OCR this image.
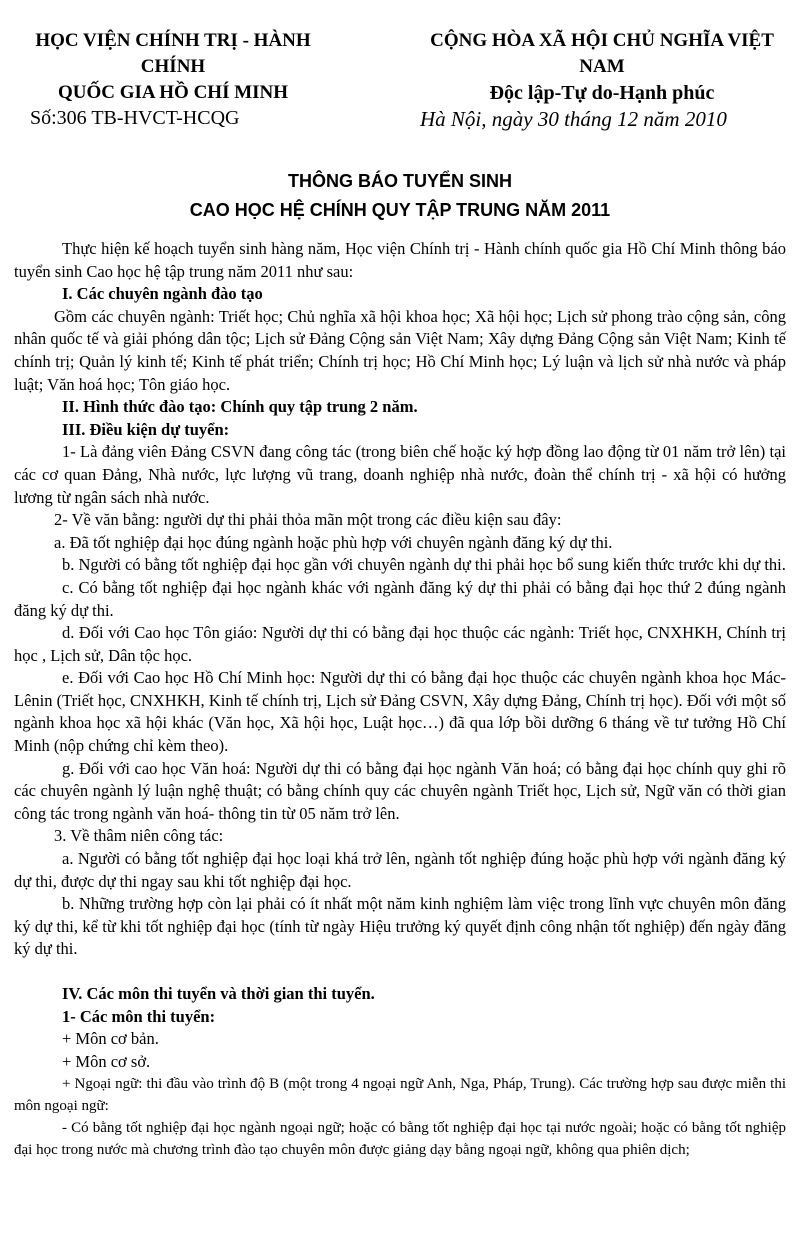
HỌC VIỆN CHÍNH TRỊ - HÀNH CHÍNH
QUỐC GIA HỒ CHÍ MINH
CỘNG HÒA XÃ HỘI CHỦ NGHĨA VIỆT NAM
Độc lập-Tự do-Hạnh phúc
Số:306 TB-HVCT-HCQG	Hà Nội, ngày 30 tháng 12 năm 2010
THÔNG BÁO TUYỂN SINH
CAO HỌC HỆ CHÍNH QUY TẬP TRUNG NĂM 2011

Thực hiện kế hoạch tuyển sinh hàng năm, Học viện Chính trị - Hành chính quốc gia Hồ Chí Minh thông báo tuyển sinh Cao học hệ tập trung năm 2011 như sau:

I. Các chuyên ngành đào tạo

Gồm các chuyên ngành: Triết học; Chủ nghĩa xã hội khoa học; Xã hội học; Lịch sử phong trào cộng sản, công nhân quốc tế và giải phóng dân tộc; Lịch sử Đảng Cộng sản Việt Nam; Xây dựng Đảng Cộng sản Việt Nam; Kinh tế chính trị; Quản lý kinh tế; Kinh tế phát triển; Chính trị học; Hồ Chí Minh học; Lý luận và lịch sử nhà nước và pháp luật; Văn hoá học; Tôn giáo học.

II. Hình thức đào tạo: Chính quy tập trung 2 năm.

III. Điều kiện dự tuyển:

1- Là đảng viên Đảng CSVN đang công tác (trong biên chế hoặc ký hợp đồng lao động từ 01 năm trở lên) tại các cơ quan Đảng, Nhà nước, lực lượng vũ trang, doanh nghiệp nhà nước, đoàn thể chính trị - xã hội có hưởng lương từ ngân sách nhà nước.

2- Về văn bằng: người dự thi phải thỏa mãn một trong các điều kiện sau đây:

a. Đã tốt nghiệp đại học đúng ngành hoặc phù hợp với chuyên ngành đăng ký dự thi.

b. Người có bằng tốt nghiệp đại học gần với chuyên ngành dự thi phải học bổ sung kiến thức trước khi dự thi.

c. Có bằng tốt nghiệp đại học ngành khác với ngành đăng ký dự thi phải có bằng đại học thứ 2 đúng ngành đăng ký dự thi.

d. Đối với Cao học Tôn giáo: Người dự thi có bằng đại học thuộc các ngành: Triết học, CNXHKH, Chính trị học , Lịch sử, Dân tộc học.

e. Đối với Cao học Hồ Chí Minh học: Người dự thi có bằng đại học thuộc các chuyên ngành khoa học Mác-Lênin (Triết học, CNXHKH, Kinh tế chính trị, Lịch sử Đảng CSVN, Xây dựng Đảng, Chính trị học). Đối với một số ngành khoa học xã hội khác (Văn học, Xã hội học, Luật học…) đã qua lớp bồi dưỡng 6 tháng về tư tưởng Hồ Chí Minh (nộp chứng chỉ kèm theo).

g. Đối với cao học Văn hoá: Người dự thi có bằng đại học ngành Văn hoá; có bằng đại học chính quy ghi rõ các chuyên ngành lý luận nghệ thuật; có bằng chính quy các chuyên ngành Triết học, Lịch sử, Ngữ văn có thời gian công tác trong ngành văn hoá- thông tin từ 05 năm trở lên.

3. Về thâm niên công tác:

a. Người có bằng tốt nghiệp đại học loại khá trở lên, ngành tốt nghiệp đúng hoặc phù hợp với ngành đăng ký dự thi, được dự thi ngay sau khi tốt nghiệp đại học.

b. Những trường hợp còn lại phải có ít nhất một năm kinh nghiệm làm việc trong lĩnh vực chuyên môn đăng ký dự thi, kể từ khi tốt nghiệp đại học (tính từ ngày Hiệu trưởng ký quyết định công nhận tốt nghiệp) đến ngày đăng ký dự thi.

IV. Các môn thi tuyển và thời gian thi tuyển.

1- Các môn thi tuyển:

+ Môn cơ bản.

+ Môn cơ sở.

+ Ngoại ngữ: thi đầu vào trình độ B (một trong 4 ngoại ngữ Anh, Nga, Pháp, Trung). Các trường hợp sau được miễn thi môn ngoại ngữ:

- Có bằng tốt nghiệp đại học ngành ngoại ngữ; hoặc có bằng tốt nghiệp đại học tại nước ngoài; hoặc có bằng tốt nghiệp đại học trong nước mà chương trình đào tạo chuyên môn được giảng dạy bằng ngoại ngữ, không qua phiên dịch;
